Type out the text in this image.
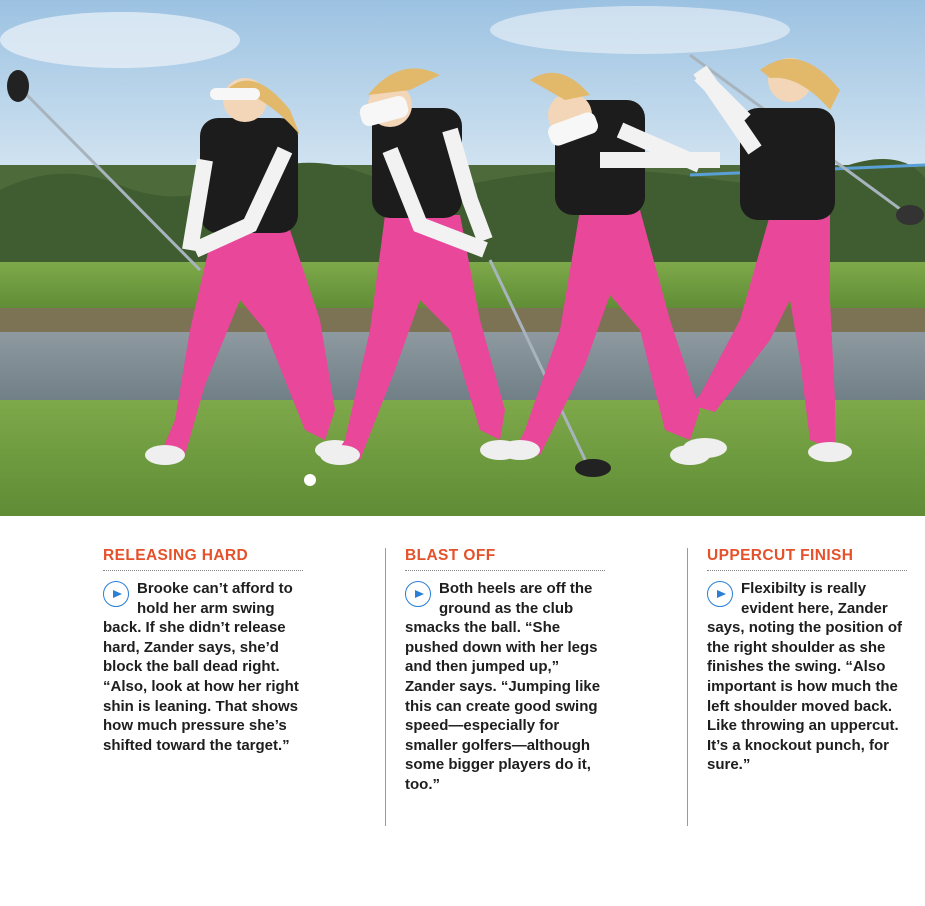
RELEASING HARD
Brooke can’t afford to hold her arm swing back. If she didn’t release hard, Zander says, she’d block the ball dead right. “Also, look at how her right shin is leaning. That shows how much pressure she’s shifted toward the target.”
BLAST OFF
Both heels are off the ground as the club smacks the ball. “She pushed down with her legs and then jumped up,” Zander says. “Jumping like this can create good swing speed—especially for smaller golfers—although some bigger players do it, too.”
UPPERCUT FINISH
Flexibilty is really evident here, Zander says, noting the position of the right shoulder as she finishes the swing. “Also important is how much the left shoulder moved back. Like throwing an uppercut. It’s a knockout punch, for sure.”
